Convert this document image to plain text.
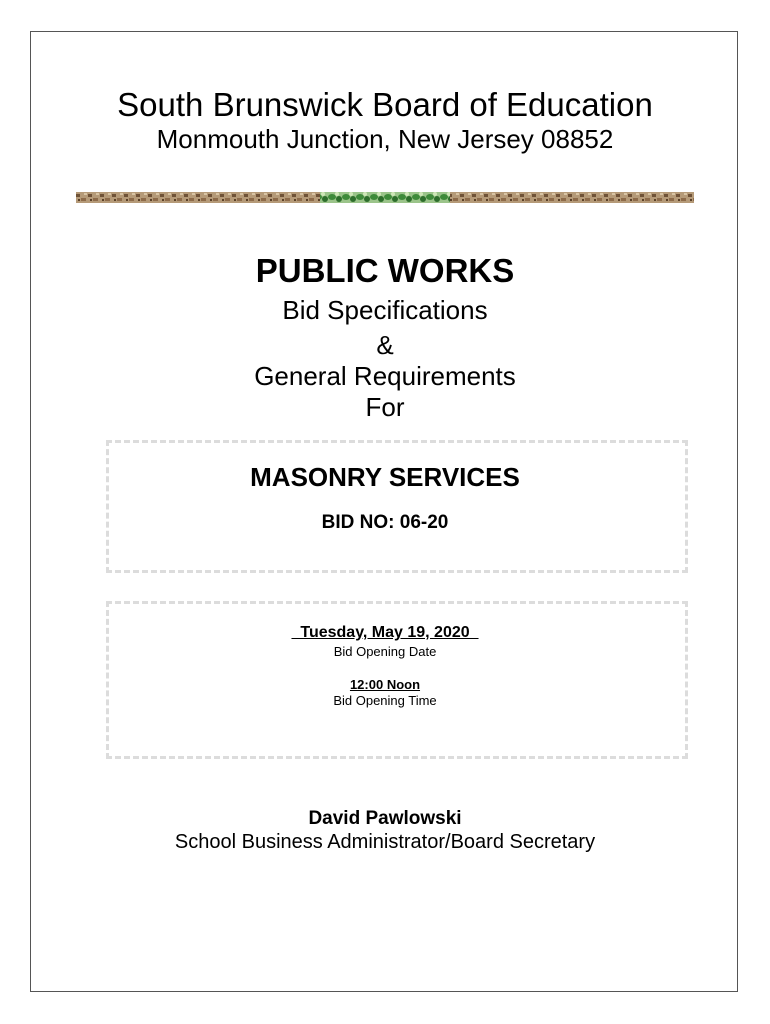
South Brunswick Board of Education
Monmouth Junction, New Jersey 08852
PUBLIC WORKS
Bid Specifications
&
General Requirements
For
MASONRY SERVICES
BID NO: 06-20
Tuesday, May 19, 2020
Bid Opening Date
12:00 Noon
Bid Opening Time
David Pawlowski
School Business Administrator/Board Secretary
